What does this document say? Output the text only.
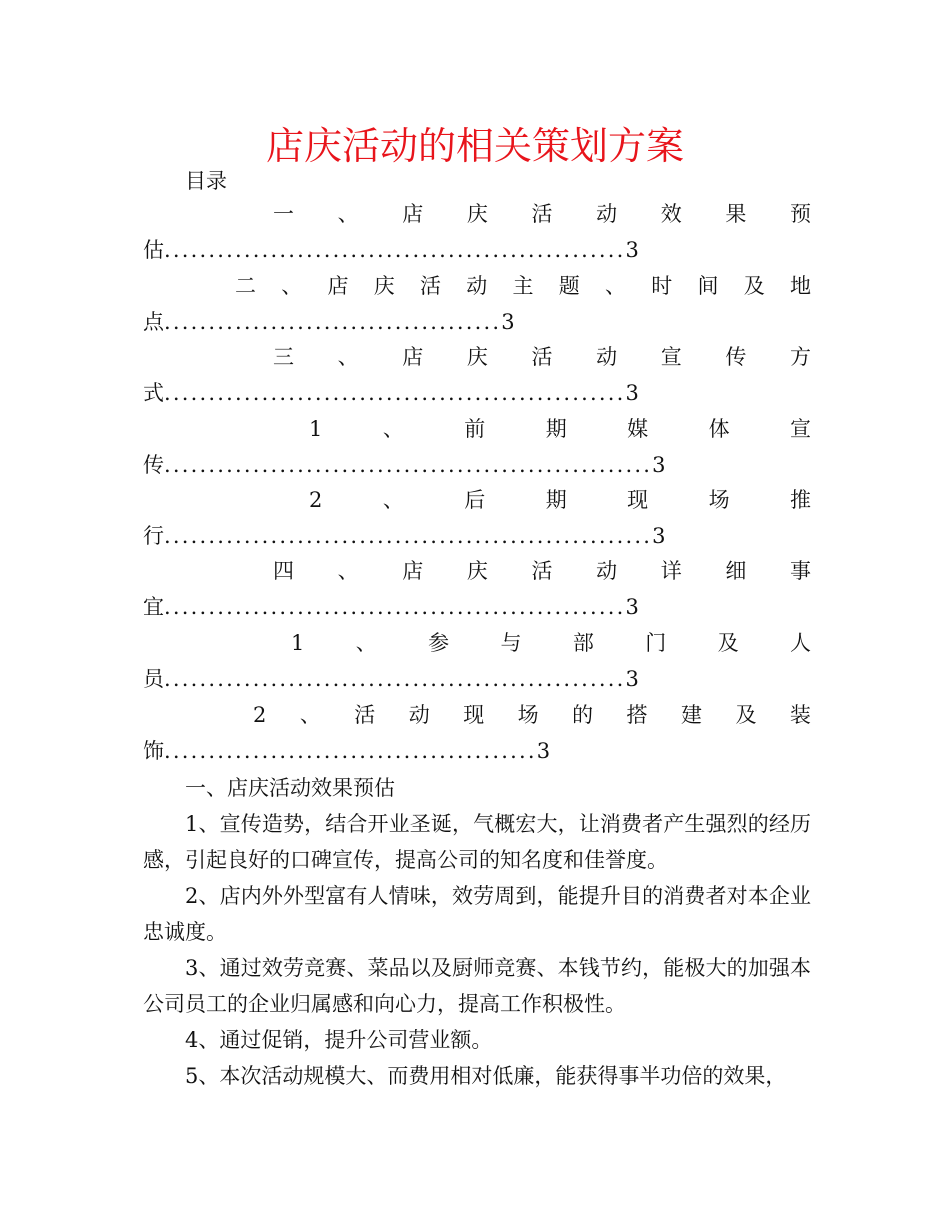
店庆活动的相关策划方案
目录
一 、 店 庆 活 动 效 果 预
估....................................................3
二 、 店 庆 活 动 主 题 、 时 间 及 地
点......................................3
三 、 店 庆 活 动 宣 传 方
式....................................................3
1	、	前	期	媒	体	宣
传.......................................................3
2	、	后	期	现	场	推
行.......................................................3
四 、 店 庆 活 动 详 细 事
宜....................................................3
1 、 参 与 部 门 及 人
员....................................................3
2 、 活 动 现 场 的 搭 建 及 装
饰..........................................3
一、店庆活动效果预估

1、宣传造势，结合开业圣诞，气概宏大，让消费者产生强烈的经历感，引起良好的口碑宣传，提高公司的知名度和佳誉度。

2、店内外外型富有人情味，效劳周到，能提升目的消费者对本企业忠诚度。

3、通过效劳竞赛、菜品以及厨师竞赛、本钱节约，能极大的加强本公司员工的企业归属感和向心力，提高工作积极性。

4、通过促销，提升公司营业额。

5、本次活动规模大、而费用相对低廉，能获得事半功倍的效果，
